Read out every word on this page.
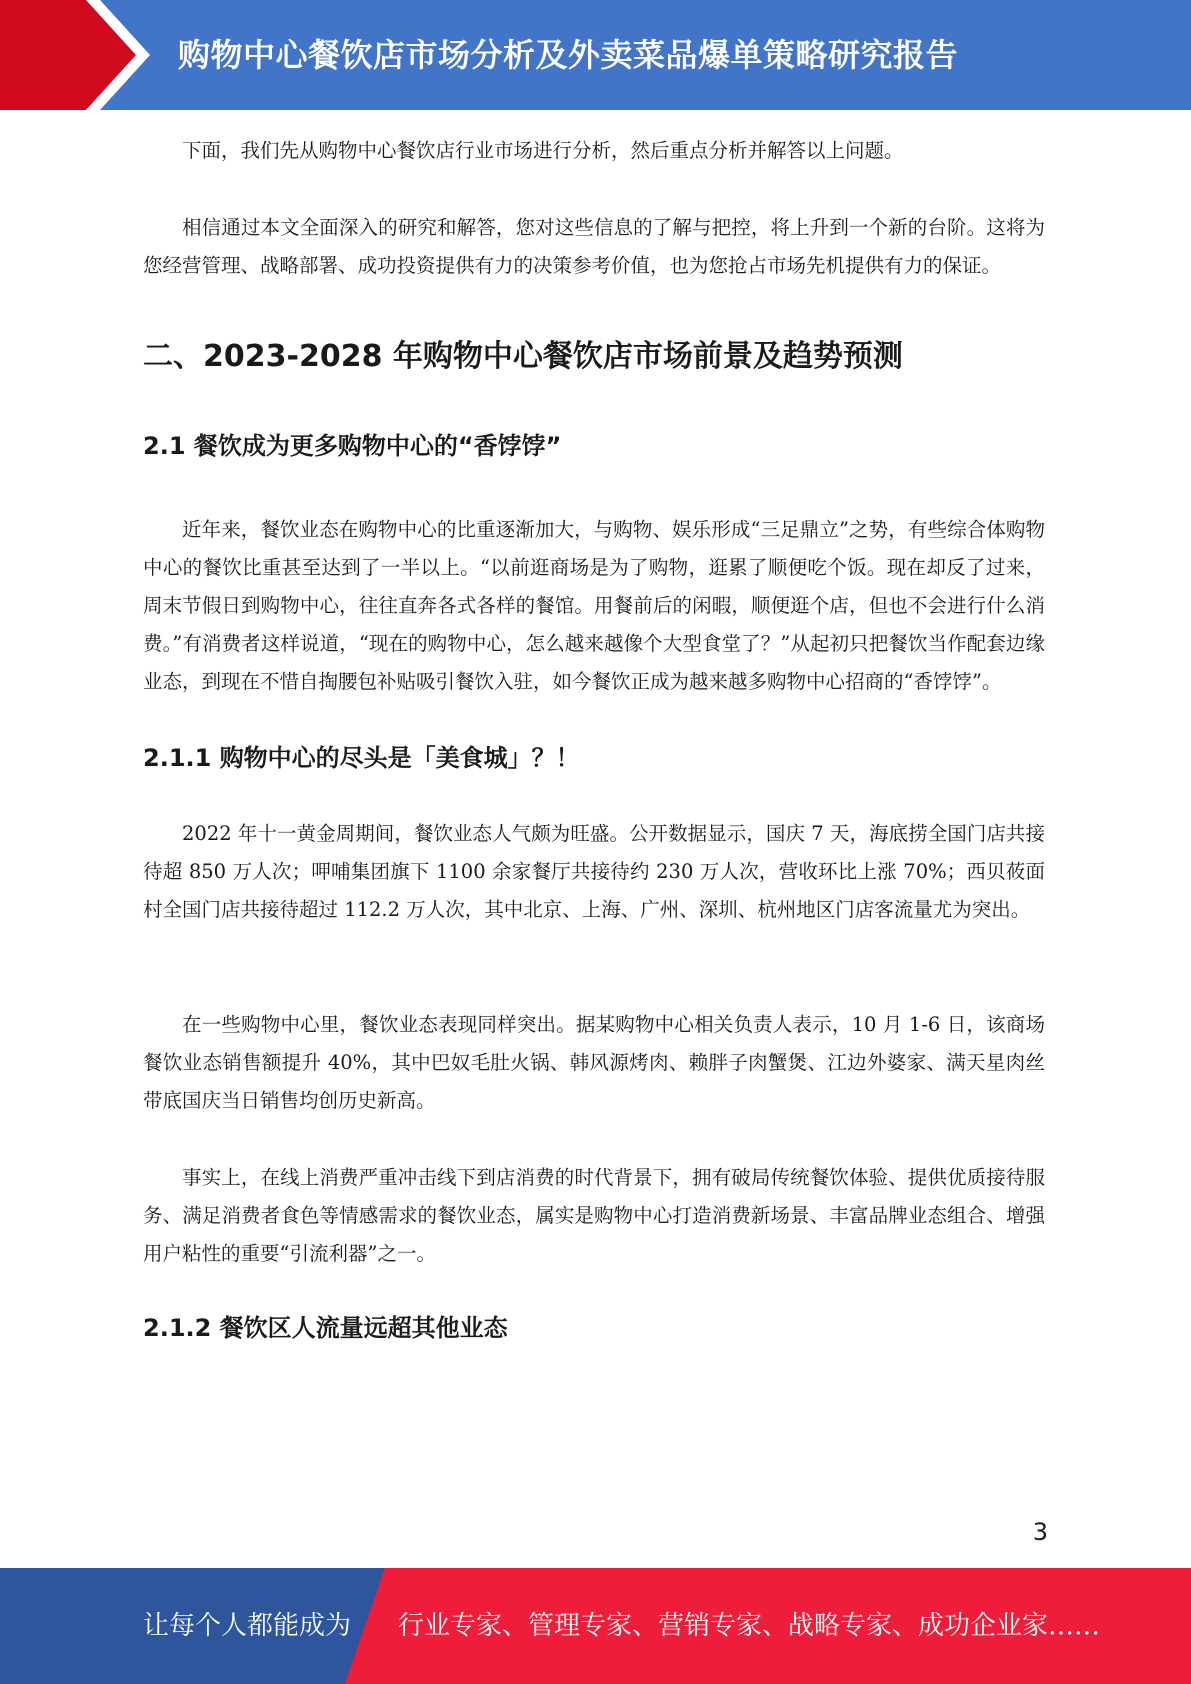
购物中心餐饮店市场分析及外卖菜品爆单策略研究报告

下面，我们先从购物中心餐饮店行业市场进行分析，然后重点分析并解答以上问题。

相信通过本文全面深入的研究和解答，您对这些信息的了解与把控，将上升到一个新的台阶。这将为您经营管理、战略部署、成功投资提供有力的决策参考价值，也为您抢占市场先机提供有力的保证。

二、2023-2028 年购物中心餐饮店市场前景及趋势预测
2.1 餐饮成为更多购物中心的“香饽饽”

近年来，餐饮业态在购物中心的比重逐渐加大，与购物、娱乐形成“三足鼎立”之势，有些综合体购物中心的餐饮比重甚至达到了一半以上。“以前逛商场是为了购物，逛累了顺便吃个饭。现在却反了过来，周末节假日到购物中心，往往直奔各式各样的餐馆。用餐前后的闲暇，顺便逛个店，但也不会进行什么消费。”有消费者这样说道，“现在的购物中心，怎么越来越像个大型食堂了？”从起初只把餐饮当作配套边缘业态，到现在不惜自掏腰包补贴吸引餐饮入驻，如今餐饮正成为越来越多购物中心招商的“香饽饽”。

2.1.1 购物中心的尽头是「美食城」？！

2022 年十一黄金周期间，餐饮业态人气颇为旺盛。公开数据显示，国庆 7 天，海底捞全国门店共接待超 850 万人次；呷哺集团旗下 1100 余家餐厅共接待约 230 万人次，营收环比上涨 70%；西贝莜面村全国门店共接待超过 112.2 万人次，其中北京、上海、广州、深圳、杭州地区门店客流量尤为突出。

在一些购物中心里，餐饮业态表现同样突出。据某购物中心相关负责人表示，10 月 1-6 日，该商场餐饮业态销售额提升 40%，其中巴奴毛肚火锅、韩风源烤肉、赖胖子肉蟹煲、江边外婆家、满天星肉丝带底国庆当日销售均创历史新高。

事实上，在线上消费严重冲击线下到店消费的时代背景下，拥有破局传统餐饮体验、提供优质接待服务、满足消费者食色等情感需求的餐饮业态，属实是购物中心打造消费新场景、丰富品牌业态组合、增强用户粘性的重要“引流利器”之一。

2.1.2 餐饮区人流量远超其他业态
3
让每个人都能成为 行业专家、管理专家、营销专家、战略专家、成功企业家……
